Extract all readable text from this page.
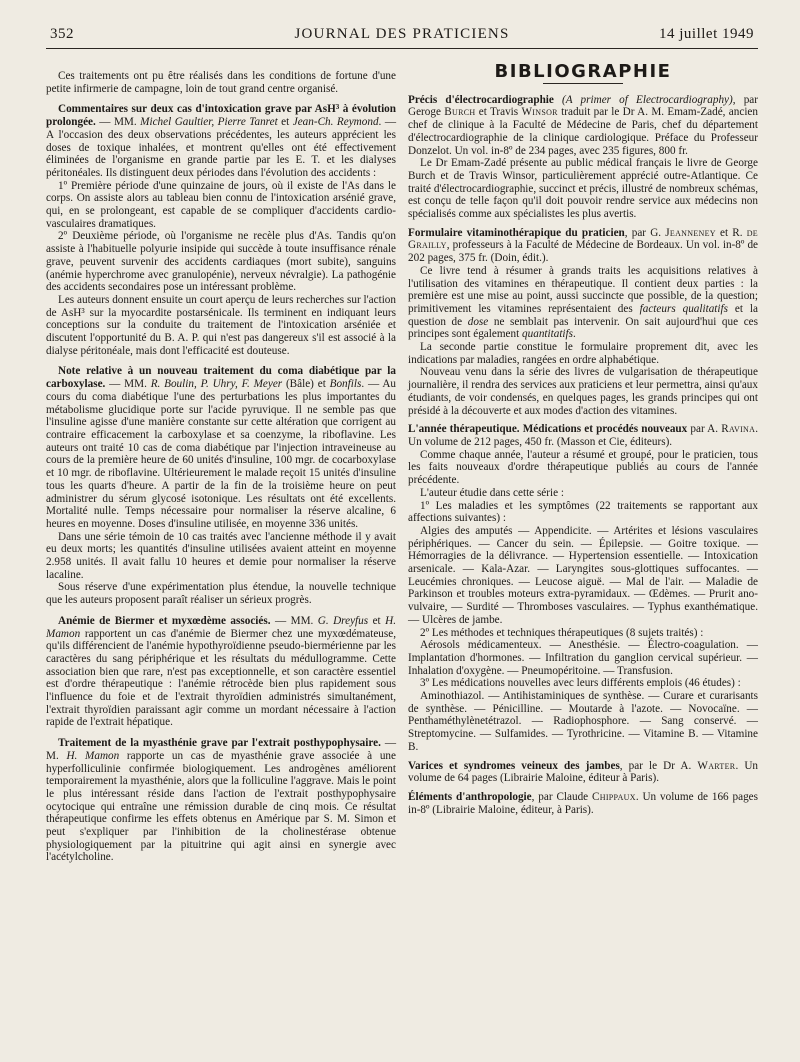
352	JOURNAL DES PRATICIENS	14 juillet 1949

Ces traitements ont pu être réalisés dans les conditions de fortune d'une petite infirmerie de campagne, loin de tout grand centre organisé.

Commentaires sur deux cas d'intoxication grave par AsH³ à évolution prolongée. — MM. Michel Gaultier, Pierre Tanret et Jean-Ch. Reymond. — A l'occasion des deux observations précédentes, les auteurs apprécient les doses de toxique inhalées, et montrent qu'elles ont été effectivement éliminées de l'organisme en grande partie par les E. T. et les dialyses péritonéales. Ils distinguent deux périodes dans l'évolution des accidents :

1º Première période d'une quinzaine de jours, où il existe de l'As dans le corps. On assiste alors au tableau bien connu de l'intoxication arsénié grave, qui, en se prolongeant, est capable de se compliquer d'accidents cardio-vasculaires dramatiques.

2º Deuxième période, où l'organisme ne recèle plus d'As. Tandis qu'on assiste à l'habituelle polyurie insipide qui succède à toute insuffisance rénale grave, peuvent survenir des accidents cardiaques (mort subite), sanguins (anémie hyperchrome avec granulopénie), nerveux névralgie). La pathogénie des accidents secondaires pose un intéressant problème.

Les auteurs donnent ensuite un court aperçu de leurs recherches sur l'action de AsH³ sur la myocardite postarsénicale. Ils terminent en indiquant leurs conceptions sur la conduite du traitement de l'intoxication arséniée et discutent l'opportunité du B. A. P. qui n'est pas dangereux s'il est associé à la dialyse péritonéale, mais dont l'efficacité est douteuse.

Note relative à un nouveau traitement du coma diabétique par la carboxylase. — MM. R. Boulin, P. Uhry, F. Meyer (Bâle) et Bonfils. — Au cours du coma diabétique l'une des perturbations les plus importantes du métabolisme glucidique porte sur l'acide pyruvique. Il ne semble pas que l'insuline agisse d'une manière constante sur cette altération que corrigent au contraire efficacement la carboxylase et sa coenzyme, la riboflavine. Les auteurs ont traité 10 cas de coma diabétique par l'injection intraveineuse au cours de la première heure de 60 unités d'insuline, 100 mgr. de cocarboxylase et 10 mgr. de riboflavine. Ultérieurement le malade reçoit 15 unités d'insuline tous les quarts d'heure. A partir de la fin de la troisième heure on peut administrer du sérum glycosé isotonique. Les résultats ont été excellents. Mortalité nulle. Temps nécessaire pour normaliser la réserve alcaline, 6 heures en moyenne. Doses d'insuline utilisée, en moyenne 336 unités.

Dans une série témoin de 10 cas traités avec l'ancienne méthode il y avait eu deux morts; les quantités d'insuline utilisées avaient atteint en moyenne 2.958 unités. Il avait fallu 10 heures et demie pour normaliser la réserve lacaline.

Sous réserve d'une expérimentation plus étendue, la nouvelle technique que les auteurs proposent paraît réaliser un sérieux progrès.

Anémie de Biermer et myxœdème associés. — MM. G. Dreyfus et H. Mamon rapportent un cas d'anémie de Biermer chez une myxœdémateuse, qu'ils différencient de l'anémie hypothyroïdienne pseudo-biermérienne par les caractères du sang périphérique et les résultats du médullogramme. Cette association bien que rare, n'est pas exceptionnelle, et son caractère essentiel est d'ordre thérapeutique : l'anémie rétrocède bien plus rapidement sous l'influence du foie et de l'extrait thyroïdien administrés simultanément, l'extrait thyroïdien paraissant agir comme un mordant nécessaire à l'action rapide de l'extrait hépatique.

Traitement de la myasthénie grave par l'extrait posthypophysaire. — M. H. Mamon rapporte un cas de myasthénie grave associée à une hyperfolliculinie confirmée biologiquement. Les androgènes améliorent temporairement la myasthénie, alors que la folliculine l'aggrave. Mais le point le plus intéressant réside dans l'action de l'extrait posthypophysaire ocytocique qui entraîne une rémission durable de cinq mois. Ce résultat thérapeutique confirme les effets obtenus en Amérique par S. M. Simon et peut s'expliquer par l'inhibition de la cholinestérase obtenue physiologiquement par la pituitrine qui agit ainsi en synergie avec l'acétylcholine.

BIBLIOGRAPHIE

Précis d'électrocardiographie (A primer of Electrocardiography), par Geroge Burch et Travis Winsor traduit par le Dr A. M. Emam-Zadé, ancien chef de clinique à la Faculté de Médecine de Paris, chef du département d'électrocardiographie de la clinique cardiologique. Préface du Professeur Donzelot. Un vol. in-8º de 234 pages, avec 235 figures, 800 fr.

Le Dr Emam-Zadé présente au public médical français le livre de George Burch et de Travis Winsor, particulièrement apprécié outre-Atlantique. Ce traité d'électrocardiographie, succinct et précis, illustré de nombreux schémas, est conçu de telle façon qu'il doit pouvoir rendre service aux médecins non spécialisés comme aux spécialistes les plus avertis.

Formulaire vitaminothérapique du praticien, par G. Jeanneney et R. de Grailly, professeurs à la Faculté de Médecine de Bordeaux. Un vol. in-8º de 202 pages, 375 fr. (Doin, édit.).

Ce livre tend à résumer à grands traits les acquisitions relatives à l'utilisation des vitamines en thérapeutique. Il contient deux parties : la première est une mise au point, aussi succincte que possible, de la question; primitivement les vitamines représentaient des facteurs qualitatifs et la question de dose ne semblait pas intervenir. On sait aujourd'hui que ces principes sont également quantitatifs.

La seconde partie constitue le formulaire proprement dit, avec les indications par maladies, rangées en ordre alphabétique.

Nouveau venu dans la série des livres de vulgarisation de thérapeutique journalière, il rendra des services aux praticiens et leur permettra, ainsi qu'aux étudiants, de voir condensés, en quelques pages, les grands principes qui ont présidé à la découverte et aux modes d'action des vitamines.

L'année thérapeutique. Médications et procédés nouveaux par A. Ravina. Un volume de 212 pages, 450 fr. (Masson et Cie, éditeurs).

Comme chaque année, l'auteur a résumé et groupé, pour le praticien, tous les faits nouveaux d'ordre thérapeutique publiés au cours de l'année précédente.

L'auteur étudie dans cette série :

1º Les maladies et les symptômes (22 traitements se rapportant aux affections suivantes) :

Algies des amputés — Appendicite. — Artérites et lésions vasculaires périphériques. — Cancer du sein. — Épilepsie. — Goitre toxique. — Hémorragies de la délivrance. — Hypertension essentielle. — Intoxication arsenicale. — Kala-Azar. — Laryngites sous-glottiques suffocantes. — Leucémies chroniques. — Leucose aiguë. — Mal de l'air. — Maladie de Parkinson et troubles moteurs extra-pyramidaux. — Œdèmes. — Prurit ano-vulvaire, — Surdité — Thromboses vasculaires. — Typhus exanthématique. — Ulcères de jambe.

2º Les méthodes et techniques thérapeutiques (8 sujets traités) :

Aérosols médicamenteux. — Anesthésie. — Électro-coagulation. — Implantation d'hormones. — Infiltration du ganglion cervical supérieur. — Inhalation d'oxygène. — Pneumopéritoine. — Transfusion.

3º Les médications nouvelles avec leurs différents emplois (46 études) :

Aminothiazol. — Antihistaminiques de synthèse. — Curare et curarisants de synthèse. — Pénicilline. — Moutarde à l'azote. — Novocaïne. — Penthaméthylènetétrazol. — Radiophosphore. — Sang conservé. — Streptomycine. — Sulfamides. — Tyrothricine. — Vitamine B. — Vitamine B.

Varices et syndromes veineux des jambes, par le Dr A. Warter. Un volume de 64 pages (Librairie Maloine, éditeur à Paris).

Éléments d'anthropologie, par Claude Chippaux. Un volume de 166 pages in-8º (Librairie Maloine, éditeur, à Paris).
